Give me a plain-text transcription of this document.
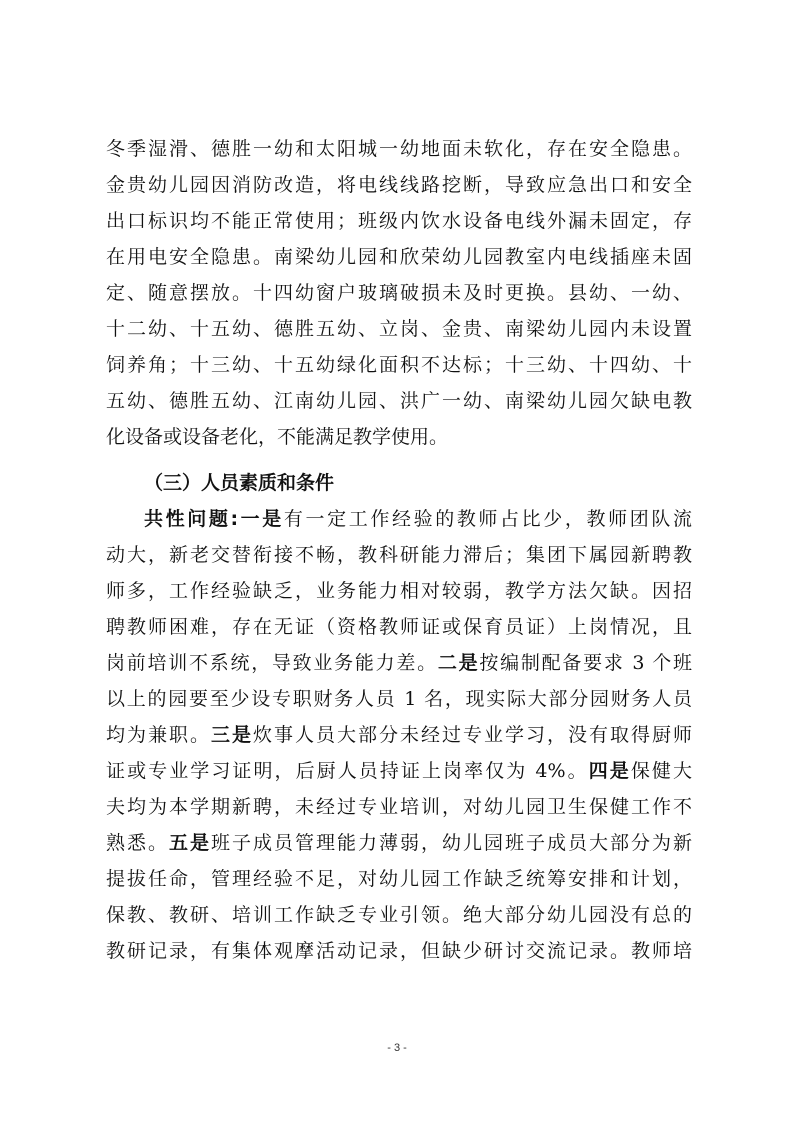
冬季湿滑、德胜一幼和太阳城一幼地面未软化，存在安全隐患。
金贵幼儿园因消防改造，将电线线路挖断，导致应急出口和安全
出口标识均不能正常使用；班级内饮水设备电线外漏未固定，存
在用电安全隐患。南梁幼儿园和欣荣幼儿园教室内电线插座未固
定、随意摆放。十四幼窗户玻璃破损未及时更换。县幼、一幼、
十二幼、十五幼、德胜五幼、立岗、金贵、南梁幼儿园内未设置
饲养角；十三幼、十五幼绿化面积不达标；十三幼、十四幼、十
五幼、德胜五幼、江南幼儿园、洪广一幼、南梁幼儿园欠缺电教
化设备或设备老化，不能满足教学使用。
（三）人员素质和条件
共性问题:一是有一定工作经验的教师占比少，教师团队流
动大，新老交替衔接不畅，教科研能力滞后；集团下属园新聘教
师多，工作经验缺乏，业务能力相对较弱，教学方法欠缺。因招
聘教师困难，存在无证（资格教师证或保育员证）上岗情况，且
岗前培训不系统，导致业务能力差。二是按编制配备要求 3 个班
以上的园要至少设专职财务人员 1 名，现实际大部分园财务人员
均为兼职。三是炊事人员大部分未经过专业学习，没有取得厨师
证或专业学习证明，后厨人员持证上岗率仅为 4%。四是保健大
夫均为本学期新聘，未经过专业培训，对幼儿园卫生保健工作不
熟悉。五是班子成员管理能力薄弱，幼儿园班子成员大部分为新
提拔任命，管理经验不足，对幼儿园工作缺乏统筹安排和计划，
保教、教研、培训工作缺乏专业引领。绝大部分幼儿园没有总的
教研记录，有集体观摩活动记录，但缺少研讨交流记录。教师培
- 3 -
